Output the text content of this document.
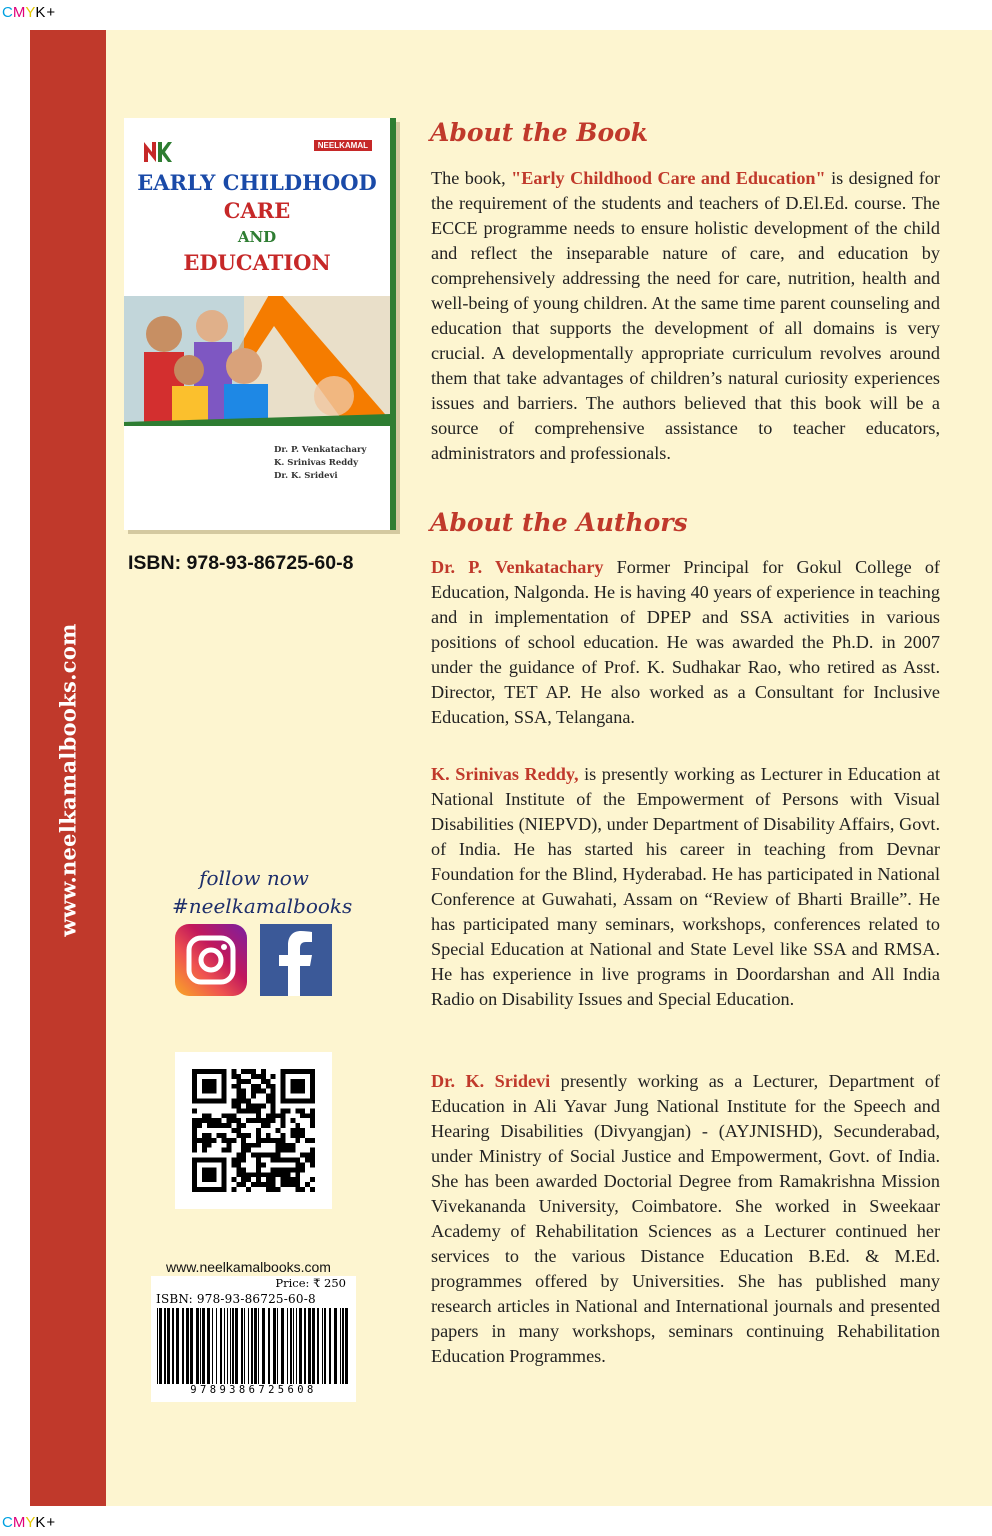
CMYK+
CMYK+
www.neelkamalbooks.com
NEELKAMAL
EARLY CHILDHOOD
CARE
AND
EDUCATION
Dr. P. Venkatachary
K. Srinivas Reddy
Dr. K. Sridevi
ISBN: 978-93-86725-60-8
follow now
#neelkamalbooks
www.neelkamalbooks.com
Price: ₹ 250
ISBN: 978-93-86725-60-8
9789386725608
About the Book
The book, "Early Childhood Care and Education" is designed for the requirement of the students and teachers of D.El.Ed. course. The ECCE programme needs to ensure holistic development of the child and reflect the inseparable nature of care, and education by comprehensively addressing the need for care, nutrition, health and well-being of young children. At the same time parent counseling and education that supports the development of all domains is very crucial. A developmentally appropriate curriculum revolves around them that take advantages of children’s natural curiosity experiences issues and barriers. The authors believed that this book will be a source of comprehensive assistance to teacher educators, administrators and professionals.
About the Authors
Dr. P. Venkatachary Former Principal for Gokul College of Education, Nalgonda. He is having 40 years of experience in teaching and in implementation of DPEP and SSA activities in various positions of school education. He was awarded the Ph.D. in 2007 under the guidance of Prof. K. Sudhakar Rao, who retired as Asst. Director, TET AP. He also worked as a Consultant for Inclusive Education, SSA, Telangana.
K. Srinivas Reddy, is presently working as Lecturer in Education at National Institute of the Empowerment of Persons with Visual Disabilities (NIEPVD), under Department of Disability Affairs, Govt. of India. He has started his career in teaching from Devnar Foundation for the Blind, Hyderabad. He has participated in National Conference at Guwahati, Assam on “Review of Bharti Braille”. He has participated many seminars, workshops, conferences related to Special Education at National and State Level like SSA and RMSA. He has experience in live programs in Doordarshan and All India Radio on Disability Issues and Special Education.
Dr. K. Sridevi presently working as a Lecturer, Department of Education in Ali Yavar Jung National Institute for the Speech and Hearing Disabilities (Divyangjan) - (AYJNISHD), Secunderabad, under Ministry of Social Justice and Empowerment, Govt. of India. She has been awarded Doctorial Degree from Ramakrishna Mission Vivekananda University, Coimbatore. She worked in Sweekaar Academy of Rehabilitation Sciences as a Lecturer continued her services to the various Distance Education B.Ed. & M.Ed. programmes offered by Universities. She has published many research articles in National and International journals and presented papers in many workshops, seminars continuing Rehabilitation Education Programmes.
